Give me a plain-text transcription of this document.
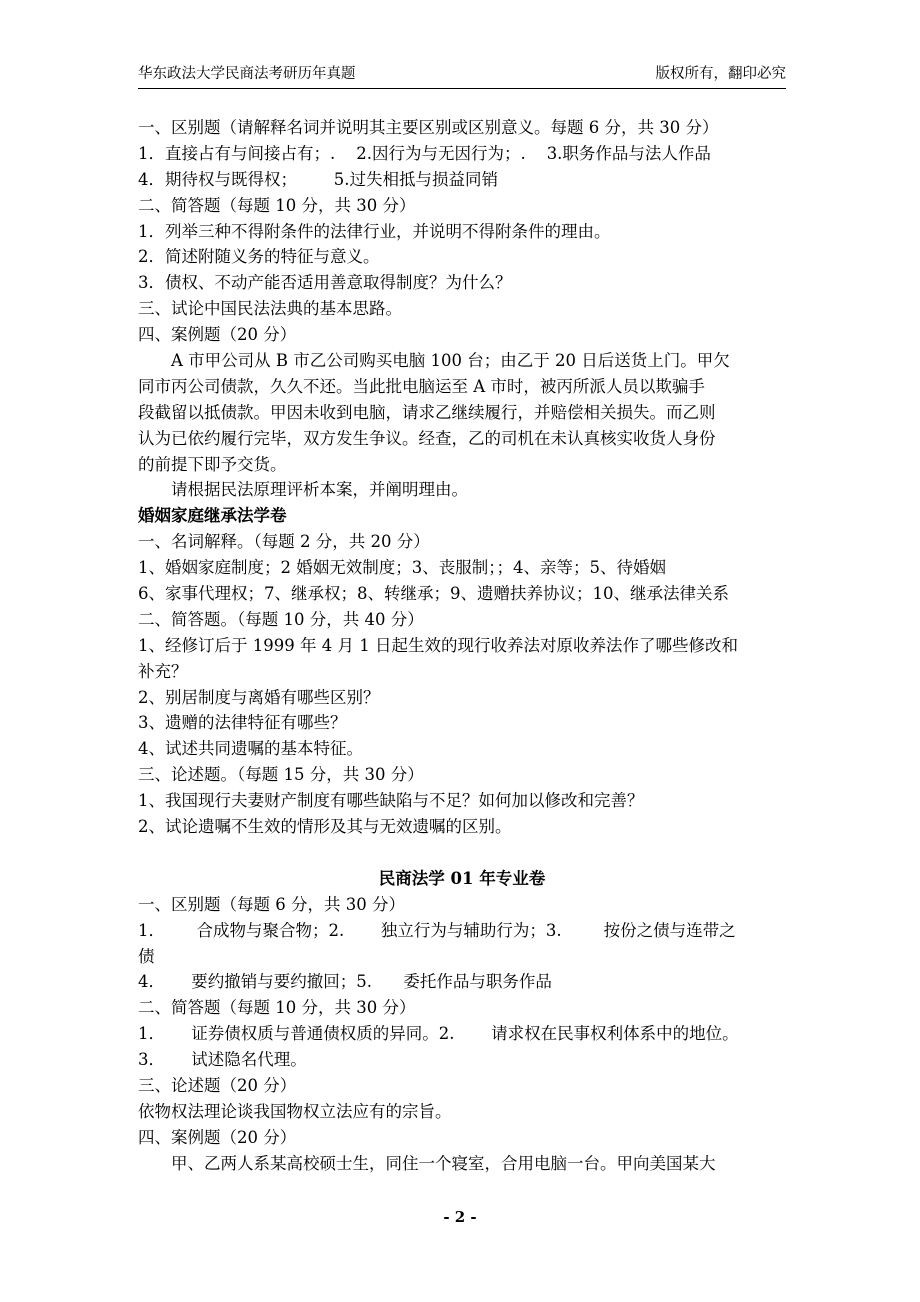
华东政法大学民商法考研历年真题	版权所有，翻印必究
一、区别题（请解释名词并说明其主要区别或区别意义。每题 6 分，共 30 分）
1．直接占有与间接占有；.    2.因行为与无因行为；.    3.职务作品与法人作品
4．期待权与既得权；       5.过失相抵与损益同销
二、简答题（每题 10 分，共 30 分）
1．列举三种不得附条件的法律行业，并说明不得附条件的理由。
2．简述附随义务的特征与意义。
3．债权、不动产能否适用善意取得制度？为什么？
三、试论中国民法法典的基本思路。
四、案例题（20 分）
A 市甲公司从 B 市乙公司购买电脑 100 台；由乙于 20 日后送货上门。甲欠
同市丙公司债款，久久不还。当此批电脑运至 A 市时，被丙所派人员以欺骗手
段截留以抵债款。甲因未收到电脑，请求乙继续履行，并赔偿相关损失。而乙则
认为已依约履行完毕，双方发生争议。经查，乙的司机在未认真核实收货人身份
的前提下即予交货。
请根据民法原理评析本案，并阐明理由。
婚姻家庭继承法学卷
一、名词解释。（每题 2 分，共 20 分）
1、婚姻家庭制度；2 婚姻无效制度；3、丧服制；；4、亲等；5、待婚姻
6、家事代理权；7、继承权；8、转继承；9、遗赠扶养协议；10、继承法律关系
二、简答题。（每题 10 分，共 40 分）
1、经修订后于 1999 年 4 月 1 日起生效的现行收养法对原收养法作了哪些修改和
补充？
2、别居制度与离婚有哪些区别？
3、遗赠的法律特征有哪些？
4、试述共同遗嘱的基本特征。
三、论述题。（每题 15 分，共 30 分）
1、我国现行夫妻财产制度有哪些缺陷与不足？如何加以修改和完善？
2、试论遗嘱不生效的情形及其与无效遗嘱的区别。
民商法学 01 年专业卷
一、区别题（每题 6 分，共 30 分）
1．      合成物与聚合物；2.       独立行为与辅助行为；3.        按份之债与连带之
债
4．     要约撤销与要约撤回；5.      委托作品与职务作品
二、简答题（每题 10 分，共 30 分）
1．     证券债权质与普通债权质的异同。2.       请求权在民事权利体系中的地位。
3．     试述隐名代理。
三、论述题（20 分）
依物权法理论谈我国物权立法应有的宗旨。
四、案例题（20 分）
甲、乙两人系某高校硕士生，同住一个寝室，合用电脑一台。甲向美国某大
- 2 -
